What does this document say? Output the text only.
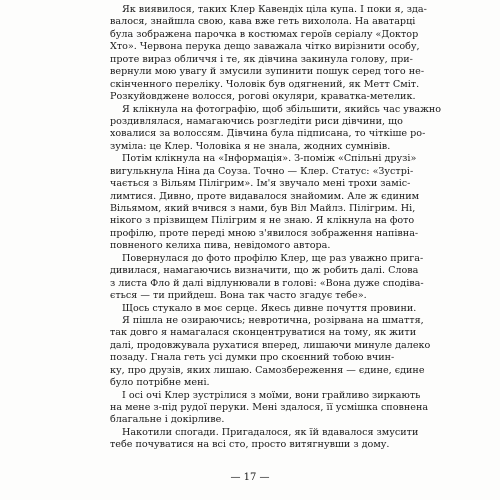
Як виявилося, таких Клер Кавендіх ціла купа. І поки я, зда-
валося, знайшла свою, кава вже геть вихолола. На аватарці
була зображена парочка в костюмах героїв серіалу «Доктор
Хто». Червона перука дещо заважала чітко вирізнити особу,
проте вираз обличчя і те, як дівчина закинула голову, при-
вернули мою увагу й змусили зупинити пошук серед того не-
скінченного переліку. Чоловік був одягнений, як Метт Сміт.
Розкуйовджене волосся, рогові окуляри, краватка-метелик.
Я клікнула на фотографію, щоб збільшити, якийсь час уважно
роздивлялася, намагаючись розгледіти риси дівчини, що
ховалися за волоссям. Дівчина була підписана, то чіткіше ро-
зуміла: це Клер. Чоловіка я не знала, жодних сумнівів.
Потім клікнула на «Інформація». З-поміж «Спільні друзі»
вигулькнула Ніна да Соуза. Точно — Клер. Статус: «Зустрі-
чається з Вільям Пілігрим». Ім'я звучало мені трохи заміс-
лимтися. Дивно, проте видавалося знайомим. Але ж єдиним
Вільямом, який вчився з нами, був Віл Майлз. Пілігрим. Ні,
нікого з прізвищем Пілігрим я не знаю. Я клікнула на фото
профілю, проте переді мною з'явилося зображення напівна-
повненого келиха пива, невідомого автора.
Повернулася до фото профілю Клер, ще раз уважно прига-
дивилася, намагаючись визначити, що ж робить далі. Слова
з листа Фло й далі відлунювали в голові: «Вона дуже сподіва-
ється — ти прийдеш. Вона так часто згадує тебе».
Щось стукало в моє серце. Якесь дивне почуття провини.
Я пішла не озираючись; невротична, розірвана на шмаття,
так довго я намагалася сконцентруватися на тому, як жити
далі, продовжувала рухатися вперед, лишаючи минуле далеко
позаду. Гнала геть усі думки про скоєнний тобою вчин-
ку, про друзів, яких лишаю. Самозбереження — єдине, єдине
було потрібне мені.
І осі очі Клер зустрілися з моїми, вони грайливо зиркають
на мене з-під рудої перуки. Мені здалося, її усмішка сповнена
благальне і докірливе.
Накотили спогади. Пригадалося, як їй вдавалося змусити
тебе почуватися на всі сто, просто витягнувши з дому.
— 17 —
